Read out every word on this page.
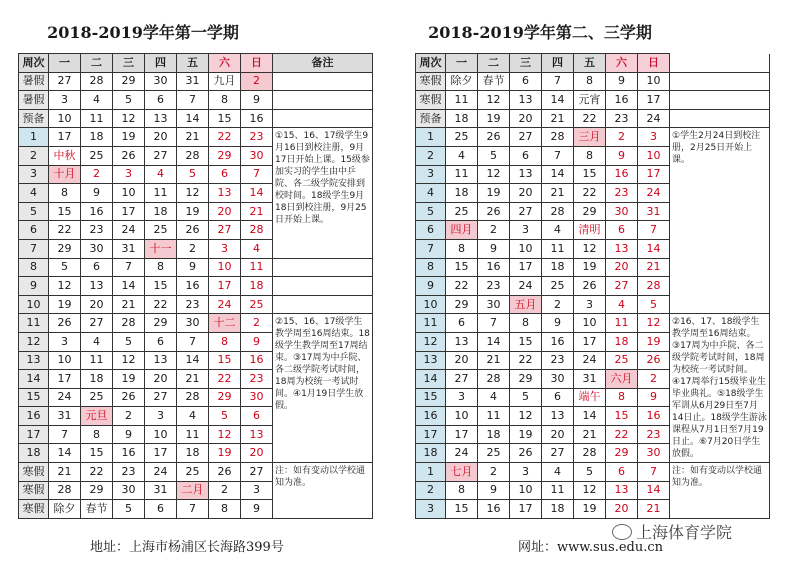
2018-2019学年第一学期	2018-2019学年第二、三学期
周次	一	二	三	四	五	六	日	备注
暑假	27	28	29	30	31	九月	2	
暑假	3	4	5	6	7	8	9	
预备	10	11	12	13	14	15	16	
1	17	18	19	20	21	22	23	①15、16、17级学生9月16日到校注册，9月17日开始上课。15级参加实习的学生由中乒院、各二级学院安排到校时间。18级学生9月18日到校注册，9月25日开始上课。
2	中秋	25	26	27	28	29	30	
3	十月	2	3	4	5	6	7	
4	8	9	10	11	12	13	14	
5	15	16	17	18	19	20	21	
6	22	23	24	25	26	27	28	
7	29	30	31	十一	2	3	4	
8	5	6	7	8	9	10	11	
9	12	13	14	15	16	17	18	
10	19	20	21	22	23	24	25	
11	26	27	28	29	30	十二	2	②15、16、17级学生教学周至16周结束。18级学生教学周至17周结束。③17周为中乒院、各二级学院考试时间，18周为校统一考试时间。④1月19日学生放假。
12	3	4	5	6	7	8	9	
13	10	11	12	13	14	15	16	
14	17	18	19	20	21	22	23	
15	24	25	26	27	28	29	30	
16	31	元旦	2	3	4	5	6	
17	7	8	9	10	11	12	13	
18	14	15	16	17	18	19	20	
寒假	21	22	23	24	25	26	27	注：如有变动以学校通知为准。
寒假	28	29	30	31	二月	2	3	
寒假	除夕	春节	5	6	7	8	9	
周次	一	二	三	四	五	六	日	
寒假	除夕	春节	6	7	8	9	10	
寒假	11	12	13	14	元宵	16	17	
预备	18	19	20	21	22	23	24	
1	25	26	27	28	三月	2	3	①学生2月24日到校注册，2月25日开始上课。
2	4	5	6	7	8	9	10	
3	11	12	13	14	15	16	17	
4	18	19	20	21	22	23	24	
5	25	26	27	28	29	30	31	
6	四月	2	3	4	清明	6	7	
7	8	9	10	11	12	13	14	
8	15	16	17	18	19	20	21	
9	22	23	24	25	26	27	28	
10	29	30	五月	2	3	4	5	
11	6	7	8	9	10	11	12	②16、17、18级学生教学周至16周结束。③17周为中乒院、各二级学院考试时间，18周为校统一考试时间。④17周举行15级毕业生毕业典礼。⑤18级学生军训从6月29日至7月14日止。18级学生游泳课程从7月1日至7月19日止。⑥7月20日学生放假。
12	13	14	15	16	17	18	19	
13	20	21	22	23	24	25	26	
14	27	28	29	30	31	六月	2	
15	3	4	5	6	端午	8	9	
16	10	11	12	13	14	15	16	
17	17	18	19	20	21	22	23	
18	24	25	26	27	28	29	30	
1	七月	2	3	4	5	6	7	注：如有变动以学校通知为准。
2	8	9	10	11	12	13	14	
3	15	16	17	18	19	20	21	
地址：上海市杨浦区长海路399号	网址：www.sus.edu.cn
上海体育学院
